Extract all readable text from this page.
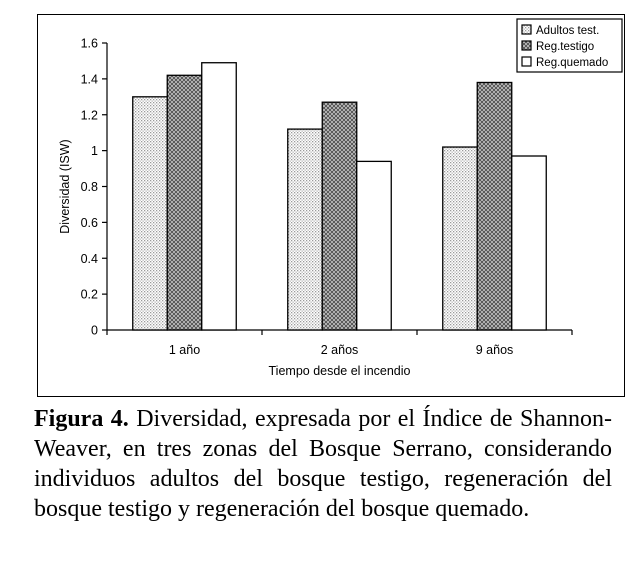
0
0.2
0.4
0.6
0.8
1
1.2
1.4
1.6
1 año	2 años	9 años
Tiempo desde el incendio
Diversidad (ISW)
Adultos test.
Reg.testigo
Reg.quemado
Figura 4. Diversidad, expresada por el Índice de Shannon-Weaver, en tres zonas del Bosque Serrano, considerando individuos adultos del bosque testigo, regeneración del bosque testigo y regeneración del bosque quemado.
